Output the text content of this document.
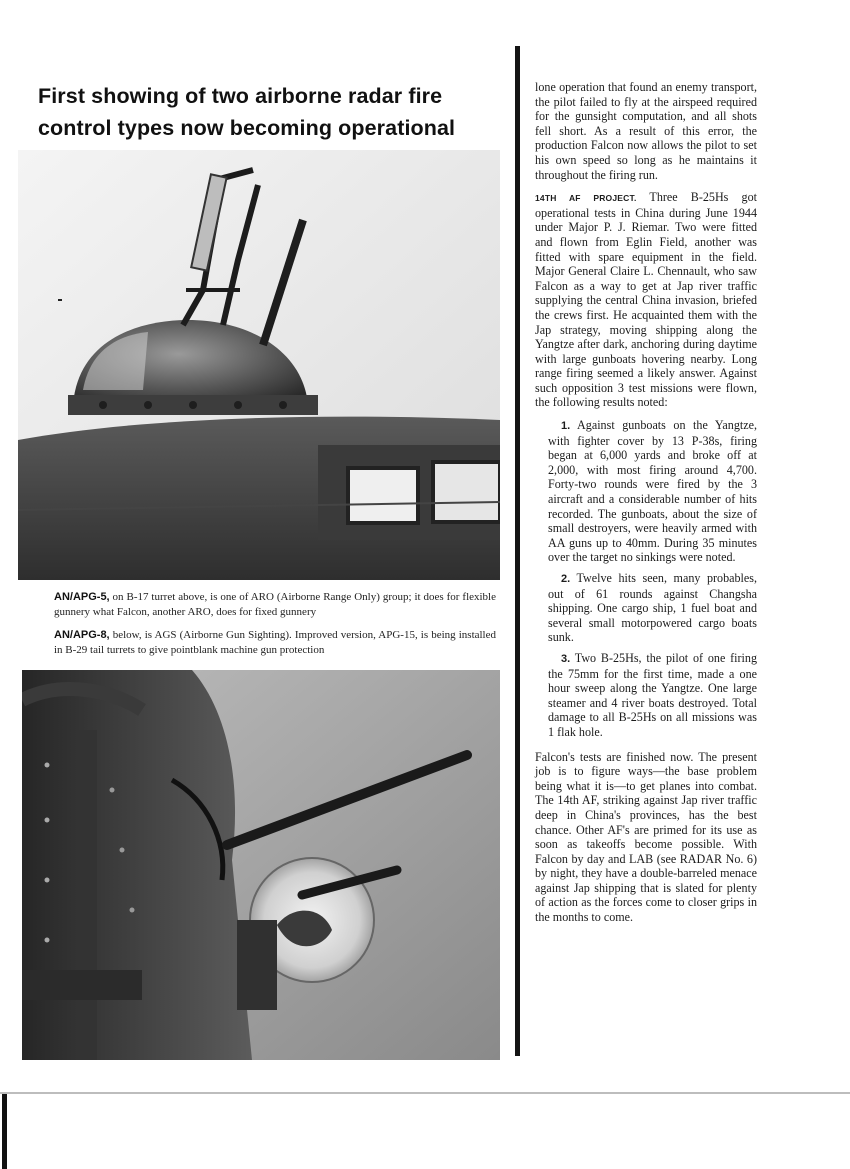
First showing of two airborne radar fire
control types now becoming operational

AN/APG-5, on B-17 turret above, is one of ARO (Airborne Range Only) group; it does for flexible gunnery what Falcon, another ARO, does for fixed gunnery

AN/APG-8, below, is AGS (Airborne Gun Sighting). Improved version, APG-15, is being installed in B-29 tail turrets to give pointblank machine gun protection

lone operation that found an enemy transport, the pilot failed to fly at the airspeed required for the gunsight computation, and all shots fell short. As a result of this error, the production Falcon now allows the pilot to set his own speed so long as he maintains it throughout the firing run.

14TH AF PROJECT. Three B-25Hs got operational tests in China during June 1944 under Major P. J. Riemar. Two were fitted and flown from Eglin Field, another was fitted with spare equipment in the field. Major General Claire L. Chennault, who saw Falcon as a way to get at Jap river traffic supplying the central China invasion, briefed the crews first. He acquainted them with the Jap strategy, moving shipping along the Yangtze after dark, anchoring during daytime with large gunboats hovering nearby. Long range firing seemed a likely answer. Against such opposition 3 test missions were flown, the following results noted:

1. Against gunboats on the Yangtze, with fighter cover by 13 P-38s, firing began at 6,000 yards and broke off at 2,000, with most firing around 4,700. Forty-two rounds were fired by the 3 aircraft and a considerable number of hits recorded. The gunboats, about the size of small destroyers, were heavily armed with AA guns up to 40mm. During 35 minutes over the target no sinkings were noted.
2. Twelve hits seen, many probables, out of 61 rounds against Changsha shipping. One cargo ship, 1 fuel boat and several small motorpowered cargo boats sunk.
3. Two B-25Hs, the pilot of one firing the 75mm for the first time, made a one hour sweep along the Yangtze. One large steamer and 4 river boats destroyed. Total damage to all B-25Hs on all missions was 1 flak hole.

Falcon's tests are finished now. The present job is to figure ways—the base problem being what it is—to get planes into combat. The 14th AF, striking against Jap river traffic deep in China's provinces, has the best chance. Other AF's are primed for its use as soon as takeoffs become possible. With Falcon by day and LAB (see RADAR No. 6) by night, they have a double-barreled menace against Jap shipping that is slated for plenty of action as the forces come to closer grips in the months to come.
